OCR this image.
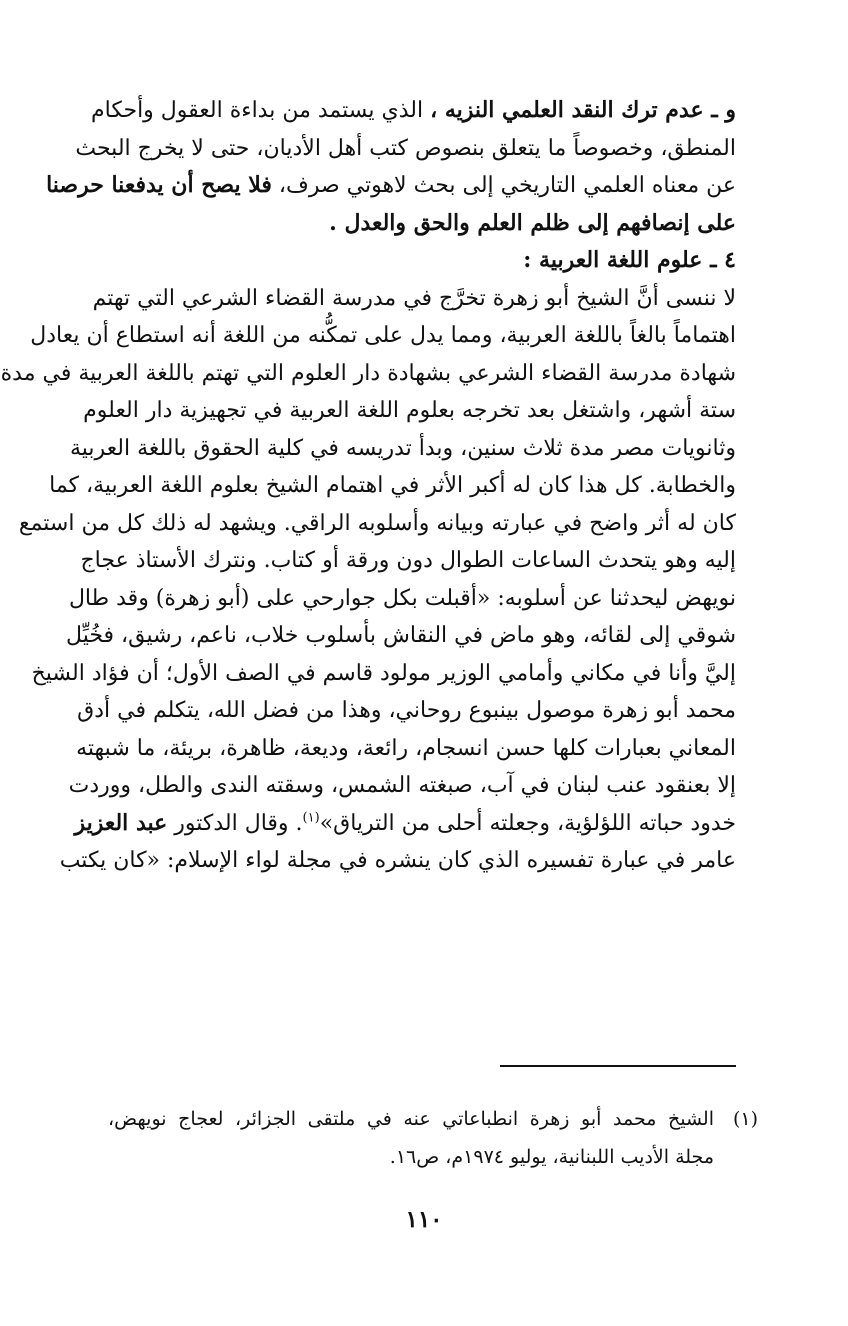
و ـ عدم ترك النقد العلمي النزيه ، الذي يستمد من بداءة العقول وأحكام
المنطق، وخصوصاً ما يتعلق بنصوص كتب أهل الأديان، حتى لا يخرج البحث
عن معناه العلمي التاريخي إلى بحث لاهوتي صرف، فلا يصح أن يدفعنا حرصنا
على إنصافهم إلى ظلم العلم والحق والعدل .
٤ ـ علوم اللغة العربية :
لا ننسى أنَّ الشيخ أبو زهرة تخرَّج في مدرسة القضاء الشرعي التي تهتم
اهتماماً بالغاً باللغة العربية، ومما يدل على تمكُّنه من اللغة أنه استطاع أن يعادل
شهادة مدرسة القضاء الشرعي بشهادة دار العلوم التي تهتم باللغة العربية في مدة
ستة أشهر، واشتغل بعد تخرجه بعلوم اللغة العربية في تجهيزية دار العلوم
وثانويات مصر مدة ثلاث سنين، وبدأ تدريسه في كلية الحقوق باللغة العربية
والخطابة. كل هذا كان له أكبر الأثر في اهتمام الشيخ بعلوم اللغة العربية، كما
كان له أثر واضح في عبارته وبيانه وأسلوبه الراقي. ويشهد له ذلك كل من استمع
إليه وهو يتحدث الساعات الطوال دون ورقة أو كتاب. ونترك الأستاذ عجاج
نويهض ليحدثنا عن أسلوبه: «أقبلت بكل جوارحي على (أبو زهرة) وقد طال
شوقي إلى لقائه، وهو ماض في النقاش بأسلوب خلاب، ناعم، رشيق، فخُيِّل
إليَّ وأنا في مكاني وأمامي الوزير مولود قاسم في الصف الأول؛ أن فؤاد الشيخ
محمد أبو زهرة موصول بينبوع روحاني، وهذا من فضل الله، يتكلم في أدق
المعاني بعبارات كلها حسن انسجام، رائعة، وديعة، ظاهرة، بريئة، ما شبهته
إلا بعنقود عنب لبنان في آب، صبغته الشمس، وسقته الندى والطل، ووردت
خدود حباته اللؤلؤية، وجعلته أحلى من الترياق»$^{(١)}$. وقال الدكتور عبد العزيز
عامر في عبارة تفسيره الذي كان ينشره في مجلة لواء الإسلام: «كان يكتب
(١)الشيخ محمد أبو زهرة انطباعاتي عنه في ملتقى الجزائر، لعجاج نويهض،
مجلة الأديب اللبنانية، يوليو ١٩٧٤م، ص١٦.
١١٠
